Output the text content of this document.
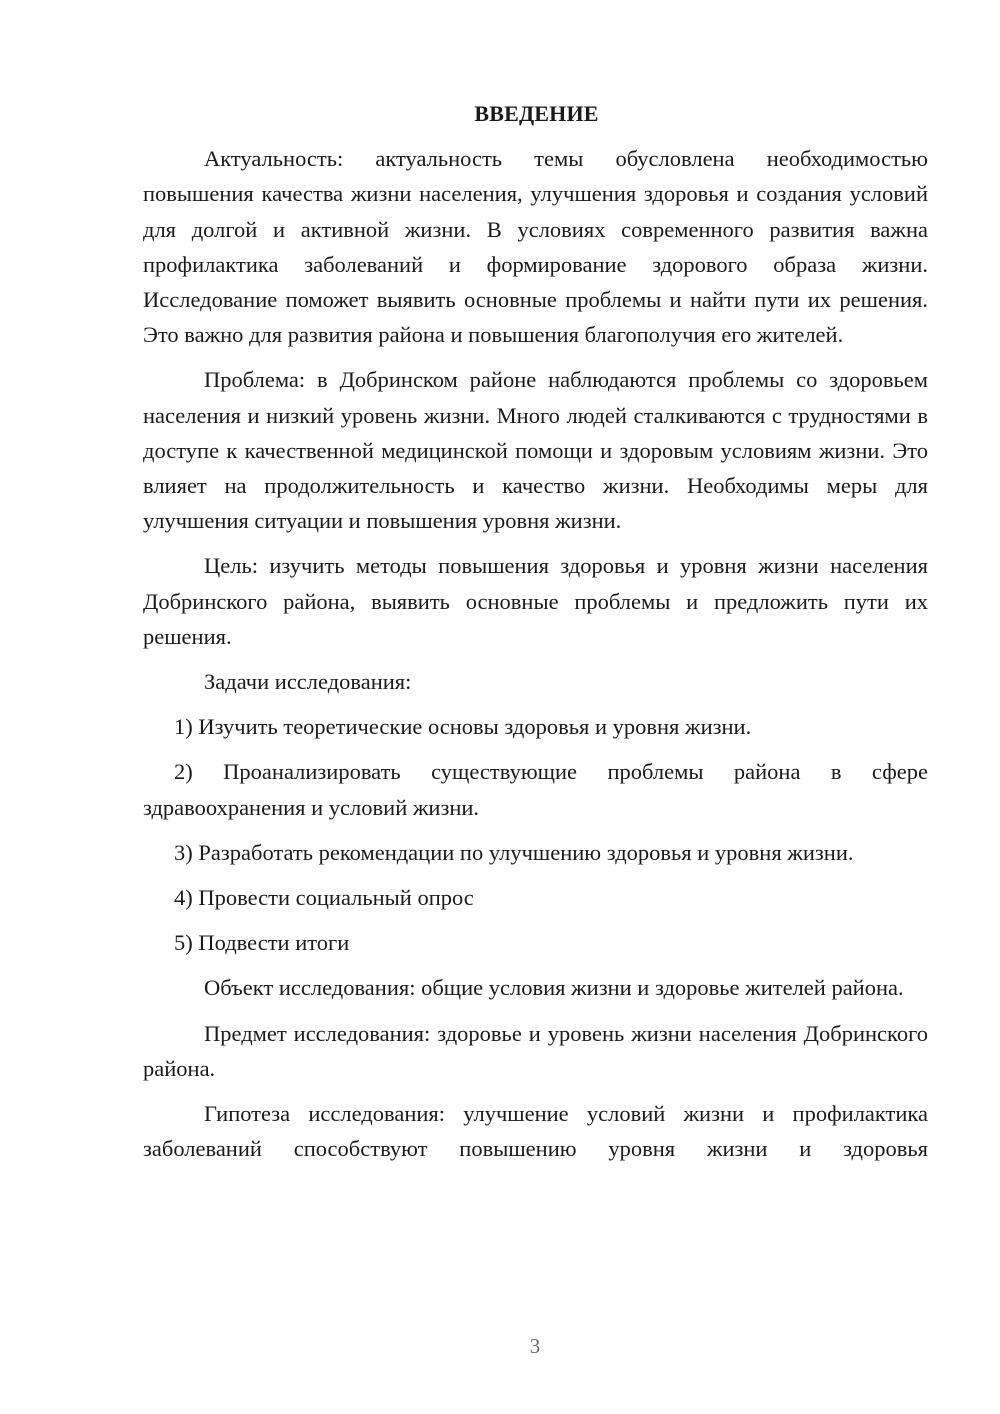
ВВЕДЕНИЕ

Актуальность: актуальность темы обусловлена необходимостью повышения качества жизни населения, улучшения здоровья и создания условий для долгой и активной жизни. В условиях современного развития важна профилактика заболеваний и формирование здорового образа жизни. Исследование поможет выявить основные проблемы и найти пути их решения. Это важно для развития района и повышения благополучия его жителей.

Проблема: в Добринском районе наблюдаются проблемы со здоровьем населения и низкий уровень жизни. Много людей сталкиваются с трудностями в доступе к качественной медицинской помощи и здоровым условиям жизни. Это влияет на продолжительность и качество жизни. Необходимы меры для улучшения ситуации и повышения уровня жизни.

Цель: изучить методы повышения здоровья и уровня жизни населения Добринского района, выявить основные проблемы и предложить пути их решения.

Задачи исследования:

1) Изучить теоретические основы здоровья и уровня жизни.

2) Проанализировать существующие проблемы района в сфере здравоохранения и условий жизни.

3) Разработать рекомендации по улучшению здоровья и уровня жизни.

4) Провести социальный опрос

5) Подвести итоги

Объект исследования: общие условия жизни и здоровье жителей района.

Предмет исследования: здоровье и уровень жизни населения Добринского района.

Гипотеза исследования: улучшение условий жизни и профилактика заболеваний способствуют повышению уровня жизни и здоровья

3
